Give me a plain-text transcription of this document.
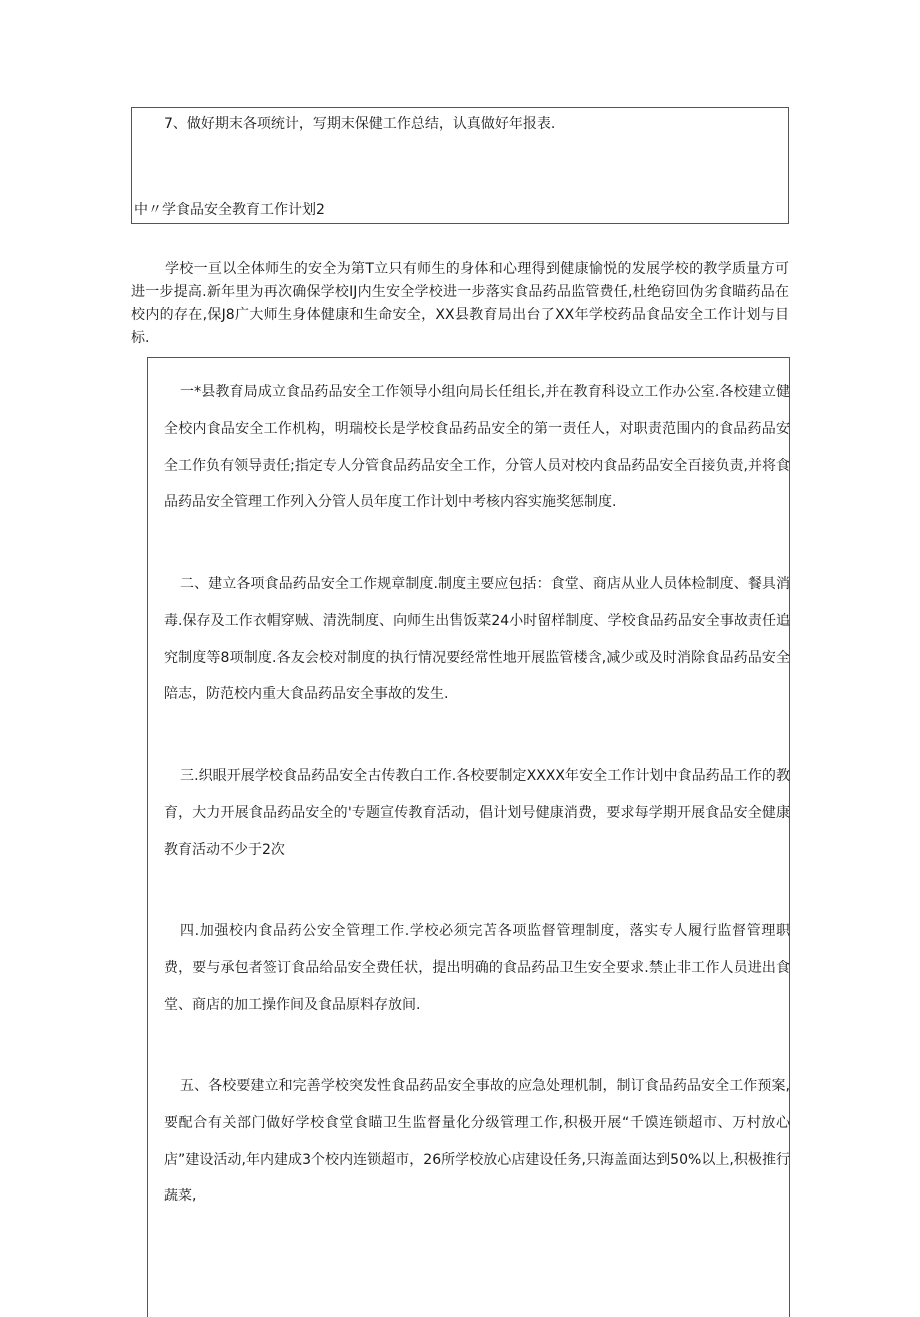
7、做好期末各项统计，写期末保健工作总结，认真做好年报表.
中〃学食品安全教育工作计划2

学校一亘以全体师生的安全为第T立只有师生的身体和心理得到健康愉悦的发展学校的教学质量方可进一步提高.新年里为再次确保学校IJ内生安全学校进一步落实食品药品监管费任,杜绝窃回伪劣食瞄药品在校内的存在,保J8广大师生身体健康和生命安全，XX县教育局出台了XX年学校药品食品安全工作计划与目标.

一*县教育局成立食品药品安全工作领导小组向局长任组长,并在教育科设立工作办公室.各校建立健全校内食品安全工作机构，明瑞校长是学校食品药品安全的第一责任人，对职责范围内的食品药品安全工作负有领导责任;指定专人分管食品药品安全工作，分管人员对校内食品药品安全百接负责,并将食品药品安全管理工作列入分管人员年度工作计划中考核内容实施奖惩制度.

二、建立各项食品药品安全工作规章制度.制度主要应包括：食堂、商店从业人员体检制度、餐具消毒.保存及工作衣帽穿贼、清洗制度、向师生出售饭菜24小时留样制度、学校食品药品安全事故责任追究制度等8项制度.各友会校对制度的执行情况要经常性地开展监管楼含,减少或及时消除食品药品安全陪志，防范校内重大食品药品安全事故的发生.

三.织眼开展学校食品药品安全古传教白工作.各校要制定XXXX年安全工作计划中食品药品工作的教育，大力开展食品药品安全的'专题宣传教育活动，倡计划号健康消费，要求每学期开展食品安全健康教育活动不少于2次

四.加强校内食品药公安全管理工作.学校必须完苫各项监督管理制度，落实专人履行监督管理职费，要与承包者签订食品给品安全费任状，提出明确的食品药品卫生安全要求.禁止非工作人员进出食堂、商店的加工操作间及食品原料存放间.

五、各校要建立和完善学校突发性食品药品安全事故的应急处理机制，制订食品药品安全工作预案,要配合有关部门做好学校食堂食瞄卫生监督量化分级管理工作,积极开展“千馍连锁超市、万村放心店”建设活动,年内建成3个校内连锁超市，26所学校放心店建设任务,只海盖面达到50%以上,积极推行蔬菜,
